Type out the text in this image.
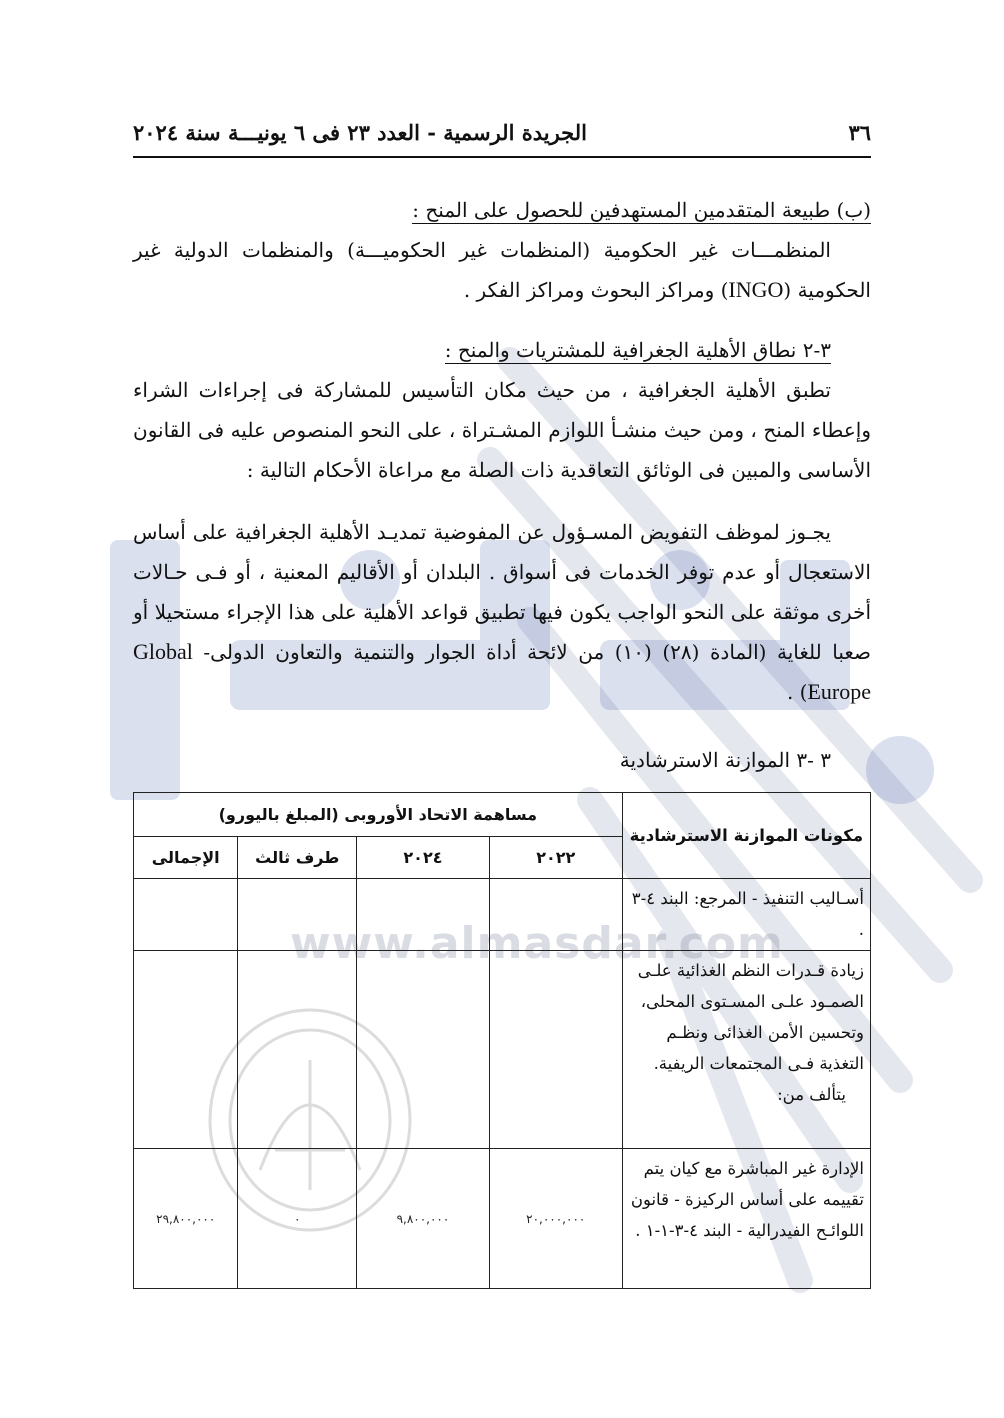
www.almasdar.com
٣٦
الجريدة الرسمية - العدد ٢٣ فى ٦ يونيـــة سنة ٢٠٢٤
(ب) طبيعة المتقدمين المستهدفين للحصول على المنح :
المنظمـــات غير الحكومية (المنظمات غير الحكوميـــة) والمنظمات الدولية غير الحكومية (INGO) ومراكز البحوث ومراكز الفكر .
٣-٢ نطاق الأهلية الجغرافية للمشتريات والمنح :
تطبق الأهلية الجغرافية ، من حيث مكان التأسيس للمشاركة فى إجراءات الشراء وإعطاء المنح ، ومن حيث منشـأ اللوازم المشـتراة ، على النحو المنصوص عليه فى القانون الأساسى والمبين فى الوثائق التعاقدية ذات الصلة مع مراعاة الأحكام التالية :
يجـوز لموظف التفويض المسـؤول عن المفوضية تمديـد الأهلية الجغرافية على أساس الاستعجال أو عدم توفر الخدمات فى أسواق . البلدان أو الأقاليم المعنية ، أو فـى حـالات أخرى موثقة على النحو الواجب يكون فيها تطبيق قواعد الأهلية على هذا الإجراء مستحيلا أو صعبا للغاية (المادة (٢٨) (١٠) من لائحة أداة الجوار والتنمية والتعاون الدولى- Global Europe) .
٣ -٣ الموازنة الاسترشادية
مكونات الموازنة الاسترشادية	مساهمة الاتحاد الأوروبى (المبلغ باليورو)			
	٢٠٢٢	٢٠٢٤	طرف ثالث	الإجمالى
أسـاليب التنفيذ - المرجع: البند ٤-٣ .				

زيادة قـدرات النظم الغذائية علـى الصمـود علـى المسـتوى المحلى، وتحسين الأمن الغذائى ونظـم التغذية فـى المجتمعات الريفية.
يتألف من:				

الإدارة غير المباشرة مع كيان يتم تقييمه على أساس الركيزة - قانون اللوائـح الفيدرالية - البند ٤-٣-١-١ .	٢٠,٠٠٠,٠٠٠	٩,٨٠٠,٠٠٠	٠	٢٩,٨٠٠,٠٠٠
